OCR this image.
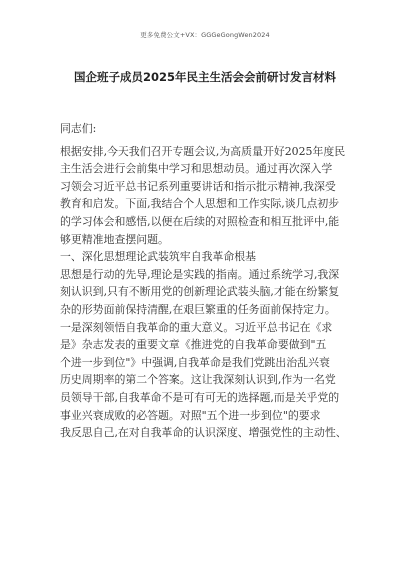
更多免费公文+VX：GGGeGongWen2024
国企班子成员2025年民主生活会会前研讨发言材料
同志们:
根据安排,今天我们召开专题会议,为高质量开好2025年度民
主生活会进行会前集中学习和思想动员。通过再次深入学
习领会习近平总书记系列重要讲话和指示批示精神,我深受
教育和启发。下面,我结合个人思想和工作实际,谈几点初步
的学习体会和感悟,以便在后续的对照检查和相互批评中,能
够更精准地查摆问题。
一、深化思想理论武装筑牢自我革命根基
思想是行动的先导,理论是实践的指南。通过系统学习,我深
刻认识到,只有不断用党的创新理论武装头脑,才能在纷繁复
杂的形势面前保持清醒,在艰巨繁重的任务面前保持定力。
一是深刻领悟自我革命的重大意义。习近平总书记在《求
是》杂志发表的重要文章《推进党的自我革命要做到"五
个进一步到位"》中强调,自我革命是我们党跳出治乱兴衰
历史周期率的第二个答案。这让我深刻认识到,作为一名党
员领导干部,自我革命不是可有可无的选择题,而是关乎党的
事业兴衰成败的必答题。对照"五个进一步到位"的要求
我反思自己,在对自我革命的认识深度、增强党性的主动性、
